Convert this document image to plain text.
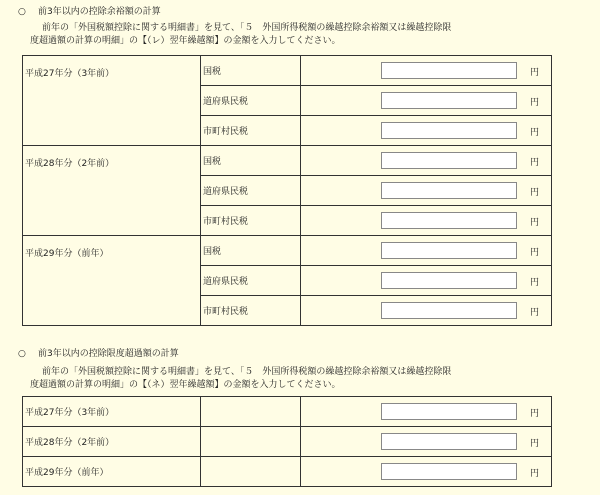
○ 前3年以内の控除余裕額の計算
前年の「外国税額控除に関する明細書」を見て、「５　外国所得税額の繰越控除余裕額又は繰越控除限
度超過額の計算の明細」の【（レ）翌年繰越額】の金額を入力してください。
平成27年分（3年前）	国税	円

	道府県民税	円

	市町村民税	円

平成28年分（2年前）	国税	円

	道府県民税	円

	市町村民税	円

平成29年分（前年）	国税	円

	道府県民税	円

	市町村民税	円
○ 前3年以内の控除限度超過額の計算
前年の「外国税額控除に関する明細書」を見て、「５　外国所得税額の繰越控除余裕額又は繰越控除限
度超過額の計算の明細」の【（ネ）翌年繰越額】の金額を入力してください。
平成27年分（3年前）		円

平成28年分（2年前）		円

平成29年分（前年）		円
